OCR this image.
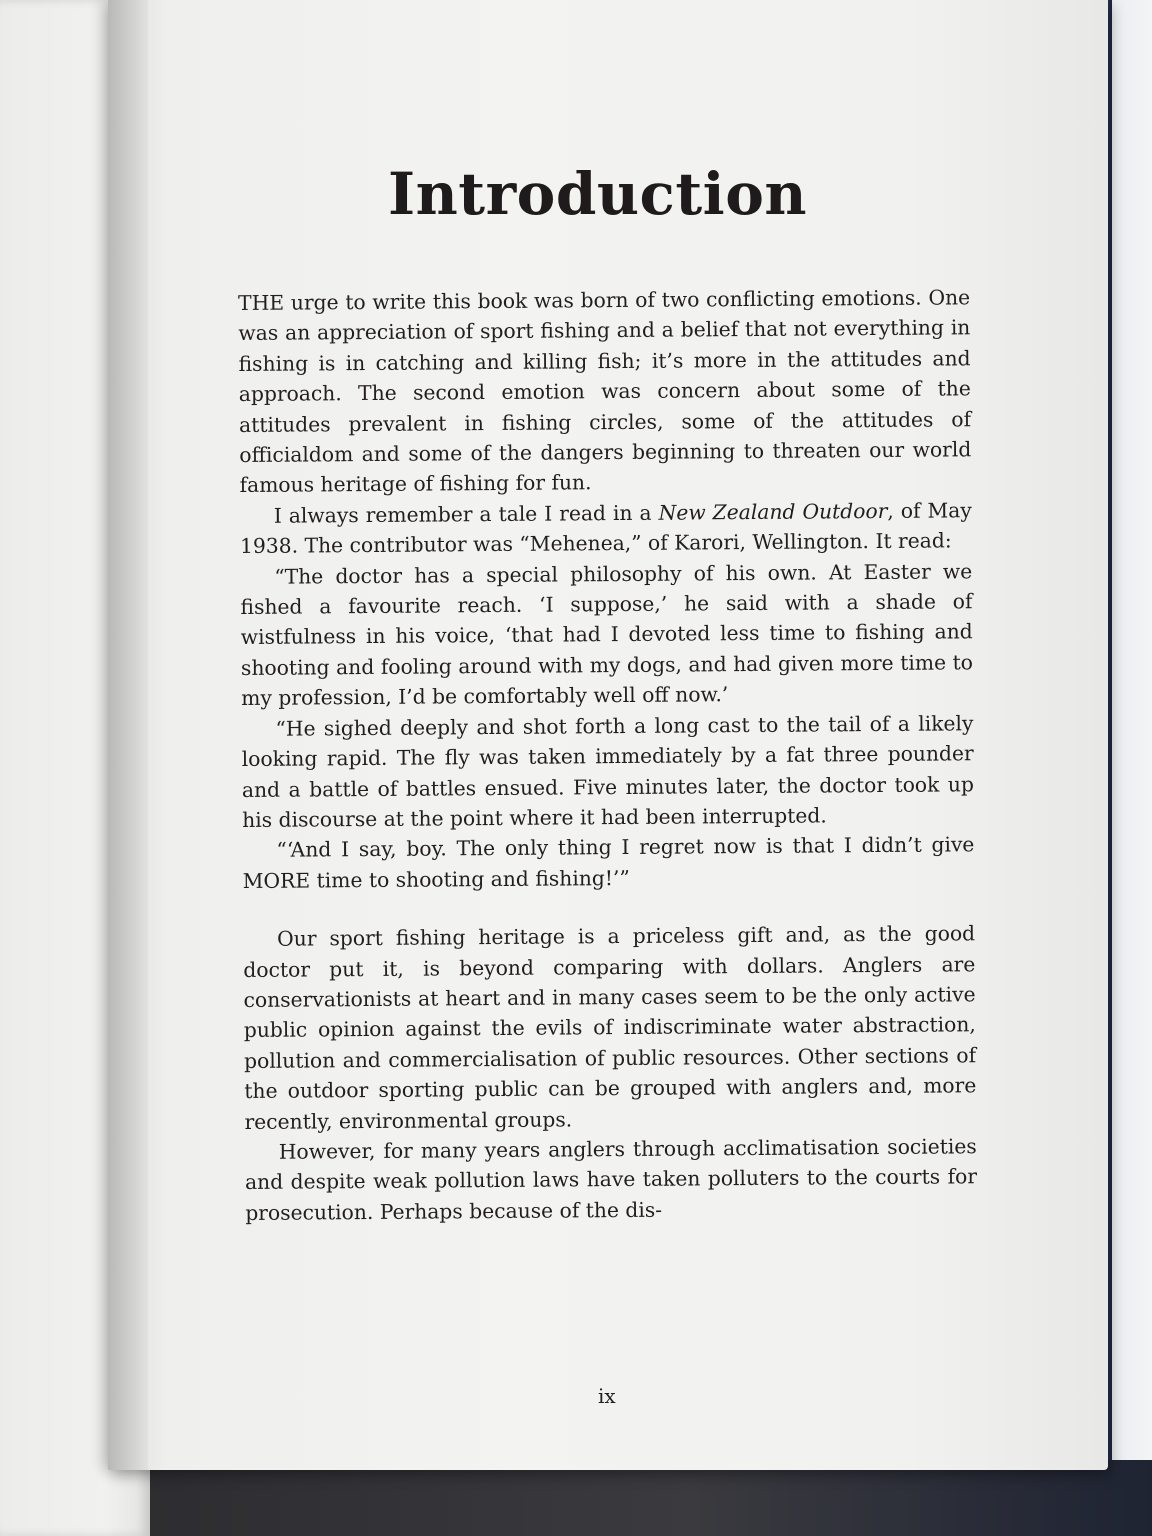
Introduction

THE urge to write this book was born of two conflicting emotions. One was an appreciation of sport fishing and a belief that not everything in fishing is in catching and killing fish; it’s more in the attitudes and approach. The second emotion was concern about some of the attitudes prevalent in fishing circles, some of the attitudes of officialdom and some of the dangers beginning to threaten our world famous heritage of fishing for fun.

I always remember a tale I read in a New Zealand Outdoor, of May 1938. The contributor was “Mehenea,” of Karori, Wellington. It read:

“The doctor has a special philosophy of his own. At Easter we fished a favourite reach. ‘I suppose,’ he said with a shade of wistfulness in his voice, ‘that had I devoted less time to fishing and shooting and fooling around with my dogs, and had given more time to my profession, I’d be comfortably well off now.’

“He sighed deeply and shot forth a long cast to the tail of a likely looking rapid. The fly was taken immediately by a fat three pounder and a battle of battles ensued. Five minutes later, the doctor took up his discourse at the point where it had been interrupted.

“‘And I say, boy. The only thing I regret now is that I didn’t give MORE time to shooting and fishing!’”

Our sport fishing heritage is a priceless gift and, as the good doctor put it, is beyond comparing with dollars. Anglers are conservationists at heart and in many cases seem to be the only active public opinion against the evils of indiscriminate water abstraction, pollution and commercialisation of public resources. Other sections of the outdoor sporting public can be grouped with anglers and, more recently, environmental groups.

However, for many years anglers through acclimatisation societies and despite weak pollution laws have taken polluters to the courts for prosecution. Perhaps because of the dis-

ix
